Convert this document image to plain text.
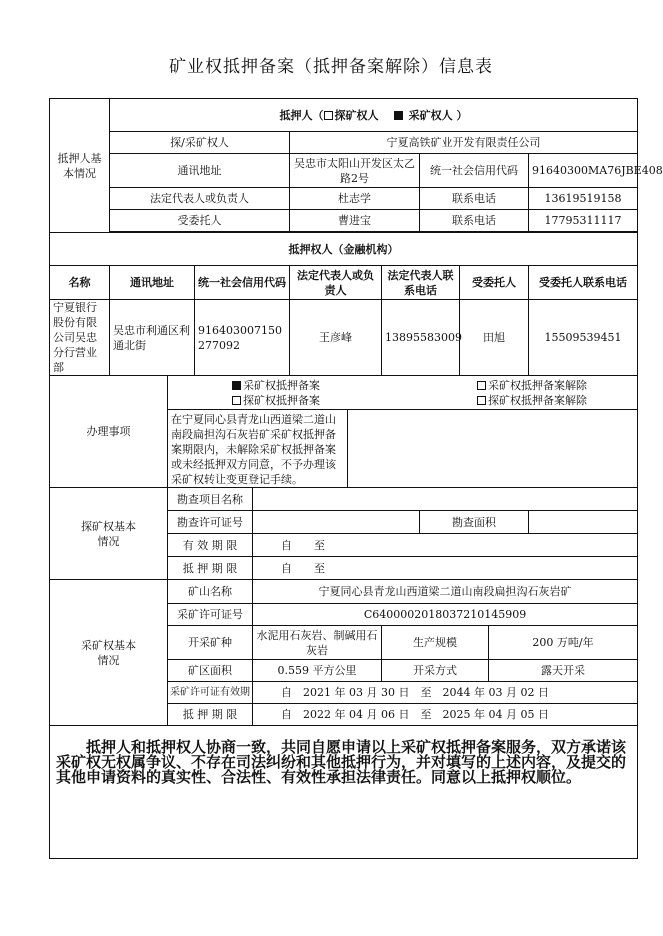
矿业权抵押备案（抵押备案解除）信息表
抵押人基本情况	抵押人（ 探矿权人 采矿权人 ）										
	探/采矿权人				宁夏高铁矿业开发有限责任公司						
	通讯地址				吴忠市太阳山开发区太乙路2号			统一社会信用代码			91640300MA76JBE408
	法定代表人或负责人				杜志学			联系电话			13619519158
	受委托人				曹进宝			联系电话			17795311117

抵押权人（金融机构）											
名称	通讯地址		统一社会信用代码		法定代表人或负责人		法定代表人联系电话		受委托人		受委托人联系电话
宁夏银行股份有限公司吴忠分行营业部	吴忠市利通区利通北街		916403007150277092		王彦峰		13895583009		田旭		15509539451
办理事项		采矿权抵押备案 采矿权抵押备案解除
探矿权抵押备案 探矿权抵押备案解除									

		在宁夏同心县青龙山西道梁二道山南段扁担沟石灰岩矿采矿权抵押备案期限内，未解除采矿权抵押备案或未经抵押双方同意，不予办理该采矿权转让变更登记手续。									
探矿权基本情况		勘查项目名称									
		勘查许可证号						勘查面积			
		有 效 期 限		自　　至							
		抵 押 期 限		自　　至							
采矿权基本情况		矿山名称		宁夏同心县青龙山西道梁二道山南段扁担沟石灰岩矿							
		采矿许可证号		C6400002018037210145909							
		开采矿种		水泥用石灰岩、制碱用石灰岩			生产规模			200 万吨/年	
		矿区面积		0.559 平方公里			开采方式			露天开采	
		采矿许可证有效期		自　2021 年 03 月 30 日　至　2044 年 03 月 02 日							
		抵 押 期 限		自　2022 年 04 月 06 日　至　2025 年 04 月 05 日							
抵押人和抵押权人协商一致，共同自愿申请以上采矿权抵押备案服务，双方承诺该采矿权无权属争议、不存在司法纠纷和其他抵押行为，并对填写的上述内容，及提交的其他申请资料的真实性、合法性、有效性承担法律责任。同意以上抵押权顺位。											
